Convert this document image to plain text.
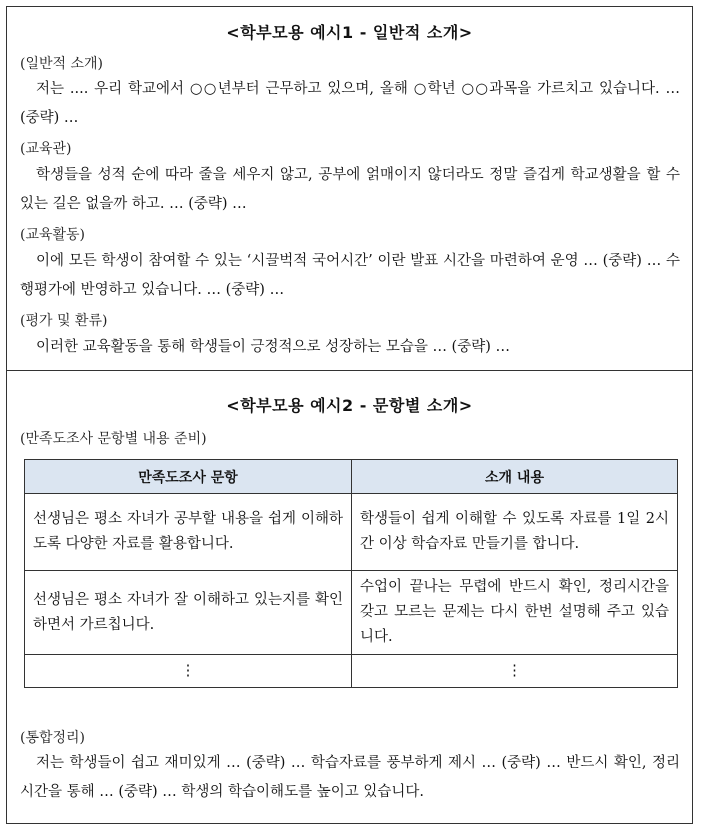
<학부모용 예시1 - 일반적 소개>
(일반적 소개)

저는 .... 우리 학교에서 ○○년부터 근무하고 있으며, 올해 ○학년 ○○과목을 가르치고 있습니다. … (중략) …

(교육관)

학생들을 성적 순에 따라 줄을 세우지 않고, 공부에 얽매이지 않더라도 정말 즐겁게 학교생활을 할 수 있는 길은 없을까 하고. … (중략) …

(교육활동)

이에 모든 학생이 참여할 수 있는 ‘시끌벅적 국어시간’ 이란 발표 시간을 마련하여 운영 … (중략) … 수행평가에 반영하고 있습니다. … (중략) …

(평가 및 환류)

이러한 교육활동을 통해 학생들이 긍정적으로 성장하는 모습을 … (중략) …

<학부모용 예시2 - 문항별 소개>
(만족도조사 문항별 내용 준비)
만족도조사 문항	소개 내용
선생님은 평소 자녀가 공부할 내용을 쉽게 이해하도록 다양한 자료를 활용합니다.	학생들이 쉽게 이해할 수 있도록 자료를 1일 2시간 이상 학습자료 만들기를 합니다.
선생님은 평소 자녀가 잘 이해하고 있는지를 확인하면서 가르칩니다.	수업이 끝나는 무렵에 반드시 확인, 정리시간을 갖고 모르는 문제는 다시 한번 설명해 주고 있습니다.
⋮	⋮
(통합정리)

저는 학생들이 쉽고 재미있게 … (중략) … 학습자료를 풍부하게 제시 … (중략) … 반드시 확인, 정리시간을 통해 … (중략) … 학생의 학습이해도를 높이고 있습니다.
